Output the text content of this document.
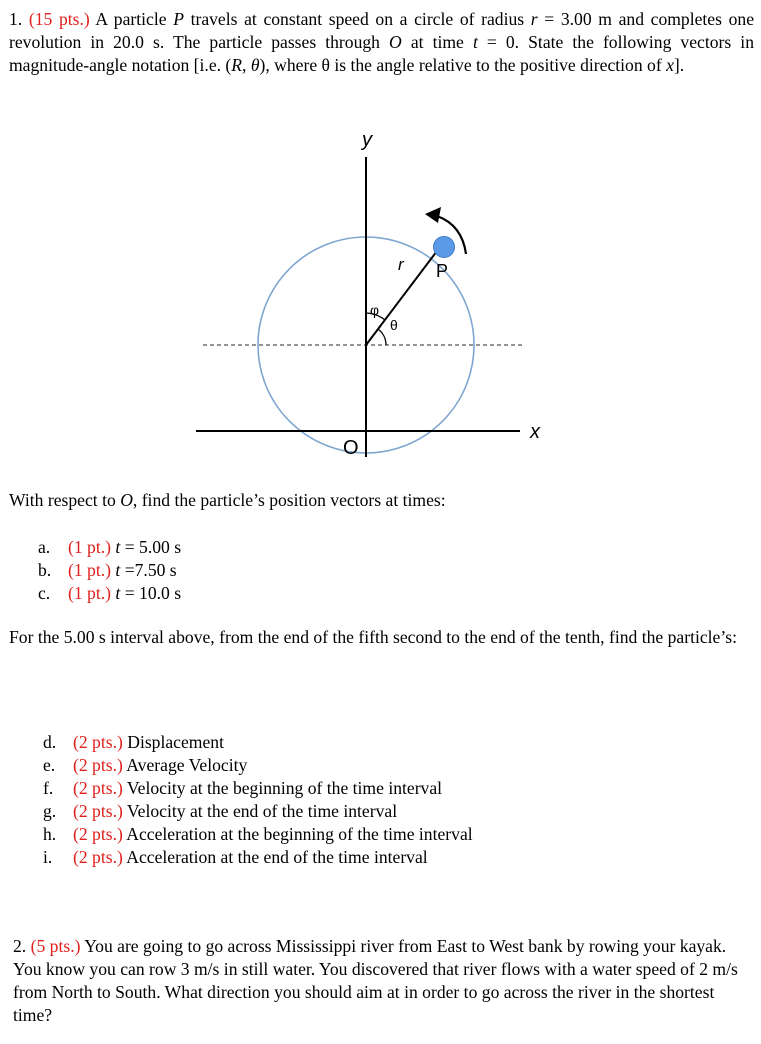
1. (15 pts.) A particle P travels at constant speed on a circle of radius r = 3.00 m and completes one revolution in 20.0 s. The particle passes through O at time t = 0. State the following vectors in magnitude-angle notation [i.e. (R, θ), where θ is the angle relative to the positive direction of x].
y
x
O
r P
φ
θ
With respect to O, find the particle’s position vectors at times:
a. (1 pt.) t = 5.00 s
b. (1 pt.) t =7.50 s
c. (1 pt.) t = 10.0 s
For the 5.00 s interval above, from the end of the fifth second to the end of the tenth, find the particle’s:
d. (2 pts.) Displacement
e. (2 pts.) Average Velocity
f. (2 pts.) Velocity at the beginning of the time interval
g. (2 pts.) Velocity at the end of the time interval
h. (2 pts.) Acceleration at the beginning of the time interval
i. (2 pts.) Acceleration at the end of the time interval
2. (5 pts.) You are going to go across Mississippi river from East to West bank by rowing your kayak. You know you can row 3 m/s in still water. You discovered that river flows with a water speed of 2 m/s from North to South. What direction you should aim at in order to go across the river in the shortest time?
